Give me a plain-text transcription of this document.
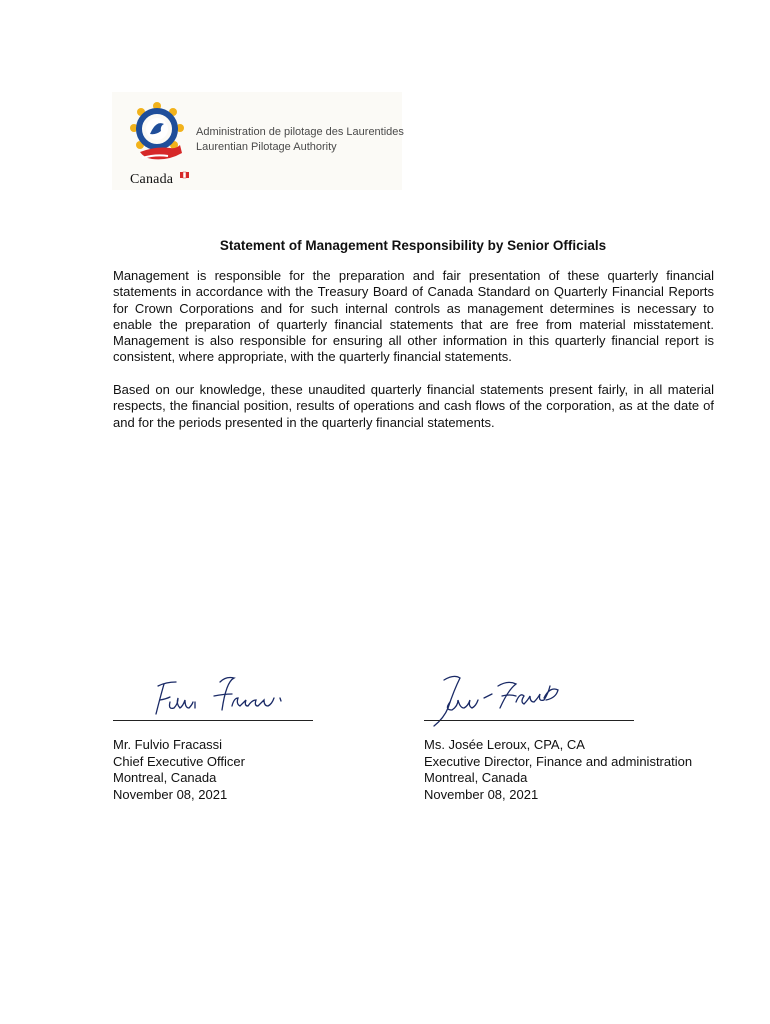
Administration de pilotage des Laurentides
Laurentian Pilotage Authority
Canada
Statement of Management Responsibility by Senior Officials

Management is responsible for the preparation and fair presentation of these quarterly financial statements in accordance with the Treasury Board of Canada Standard on Quarterly Financial Reports for Crown Corporations and for such internal controls as management determines is necessary to enable the preparation of quarterly financial statements that are free from material misstatement. Management is also responsible for ensuring all other information in this quarterly financial report is consistent, where appropriate, with the quarterly financial statements.

Based on our knowledge, these unaudited quarterly financial statements present fairly, in all material respects, the financial position, results of operations and cash flows of the corporation, as at the date of and for the periods presented in the quarterly financial statements.

Mr. Fulvio Fracassi
Chief Executive Officer
Montreal, Canada
November 08, 2021
Ms. Josée Leroux, CPA, CA
Executive Director, Finance and administration
Montreal, Canada
November 08, 2021
